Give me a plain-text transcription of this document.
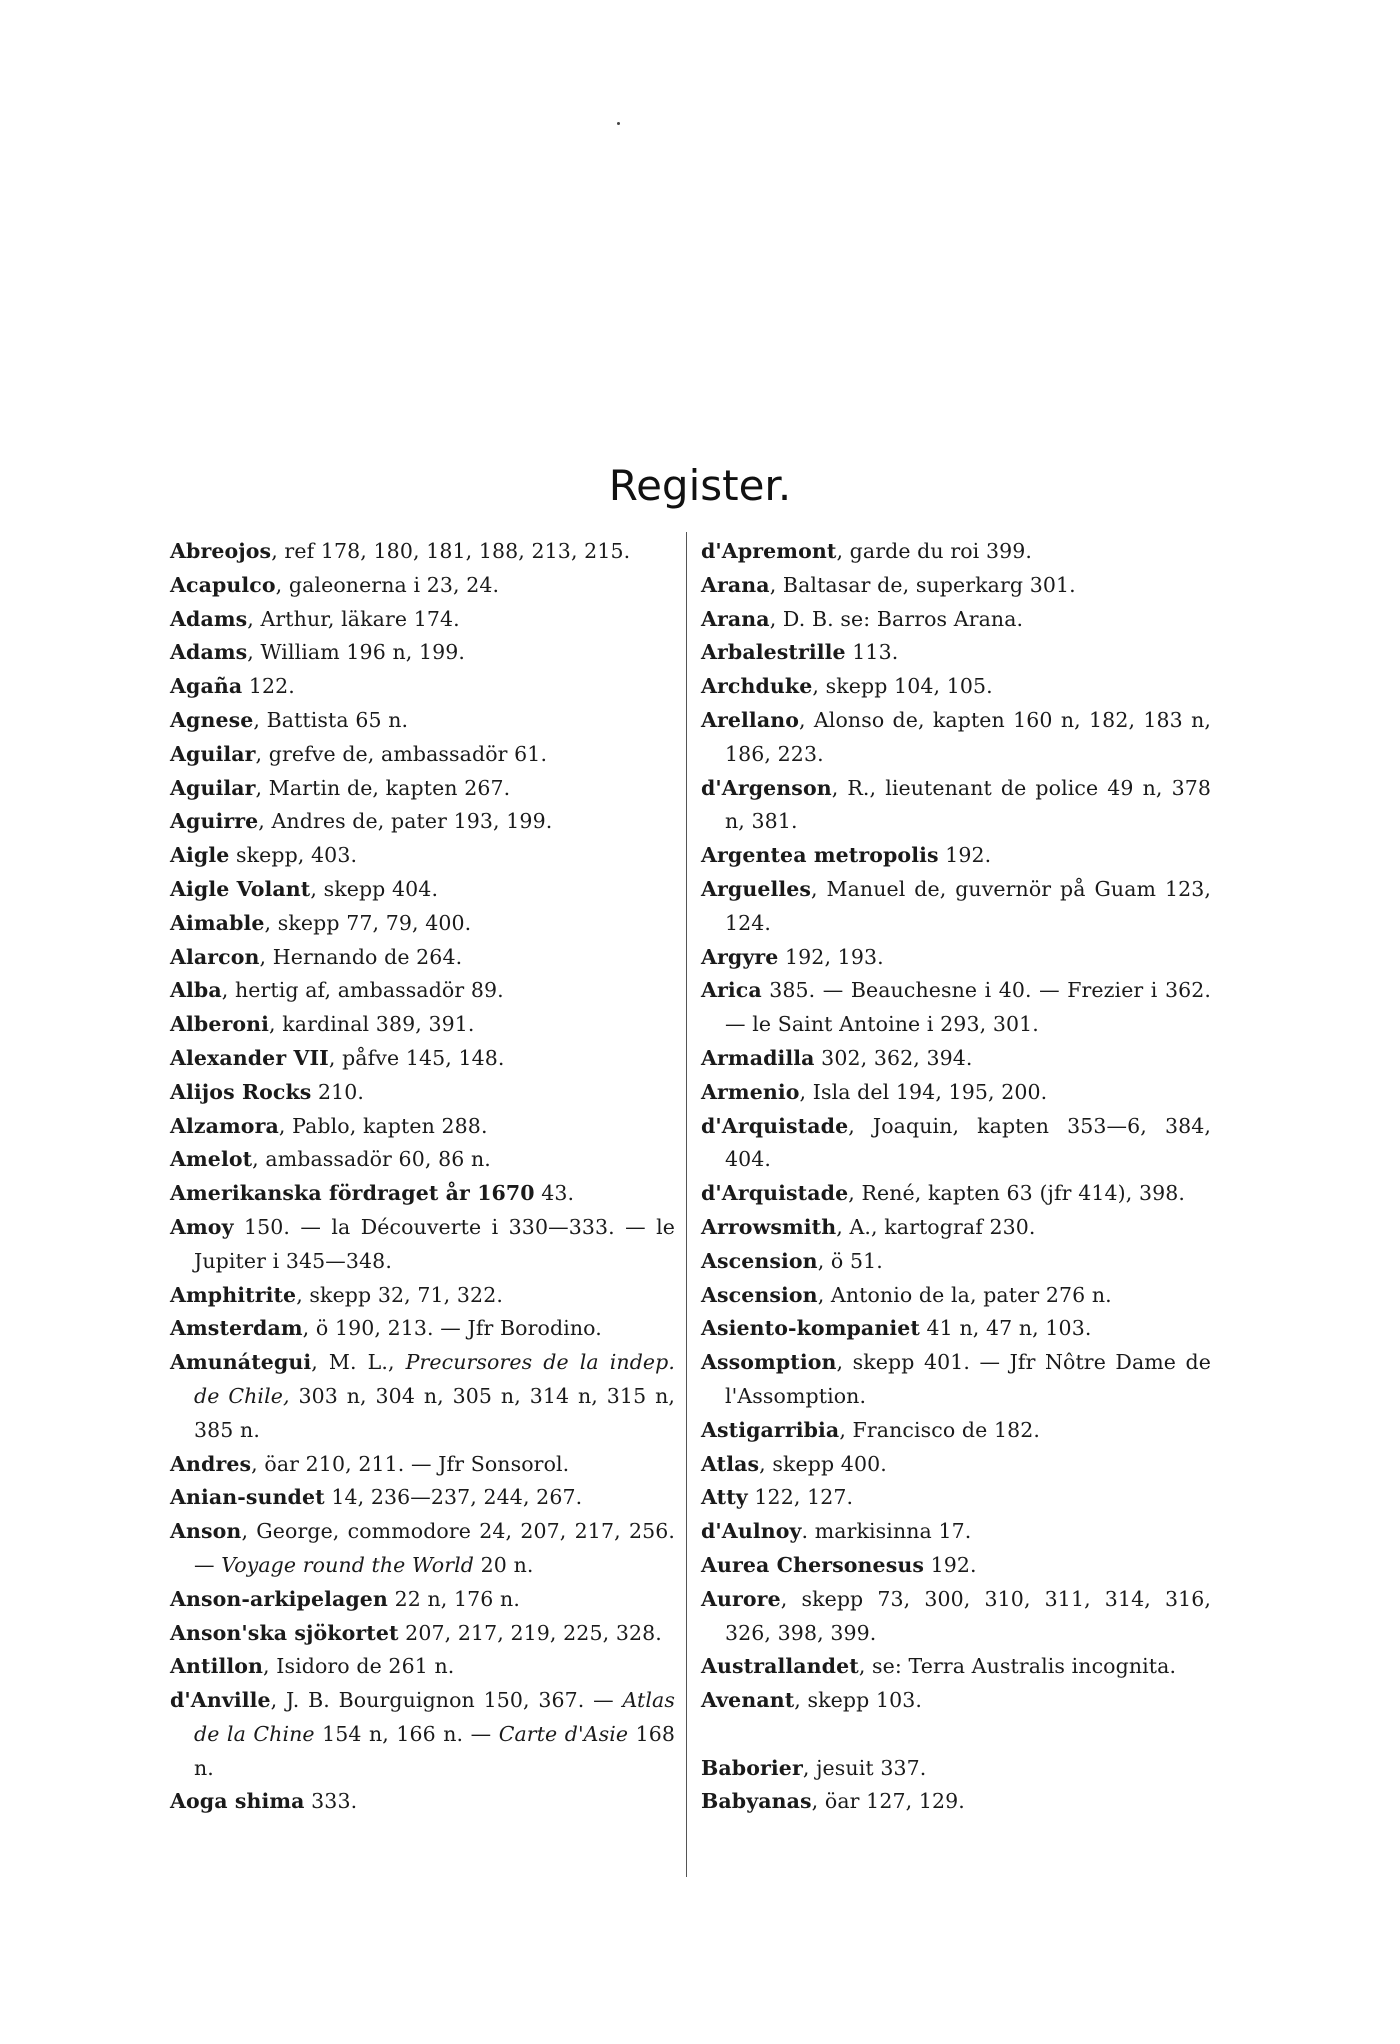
Register.
Abreojos, ref 178, 180, 181, 188, 213, 215.
Acapulco, galeonerna i 23, 24.
Adams, Arthur, läkare 174.
Adams, William 196 n, 199.
Agaña 122.
Agnese, Battista 65 n.
Aguilar, grefve de, ambassadör 61.
Aguilar, Martin de, kapten 267.
Aguirre, Andres de, pater 193, 199.
Aigle skepp, 403.
Aigle Volant, skepp 404.
Aimable, skepp 77, 79, 400.
Alarcon, Hernando de 264.
Alba, hertig af, ambassadör 89.
Alberoni, kardinal 389, 391.
Alexander VII, påfve 145, 148.
Alijos Rocks 210.
Alzamora, Pablo, kapten 288.
Amelot, ambassadör 60, 86 n.
Amerikanska fördraget år 1670 43.
Amoy 150. — la Découverte i 330—333. — le Jupiter i 345—348.
Amphitrite, skepp 32, 71, 322.
Amsterdam, ö 190, 213. — Jfr Borodino.
Amunátegui, M. L., Precursores de la indep. de Chile, 303 n, 304 n, 305 n, 314 n, 315 n, 385 n.
Andres, öar 210, 211. — Jfr Sonsorol.
Anian-sundet 14, 236—237, 244, 267.
Anson, George, commodore 24, 207, 217, 256. — Voyage round the World 20 n.
Anson-arkipelagen 22 n, 176 n.
Anson'ska sjökortet 207, 217, 219, 225, 328.
Antillon, Isidoro de 261 n.
d'Anville, J. B. Bourguignon 150, 367. — Atlas de la Chine 154 n, 166 n. — Carte d'Asie 168 n.
Aoga shima 333.
d'Apremont, garde du roi 399.
Arana, Baltasar de, superkarg 301.
Arana, D. B. se: Barros Arana.
Arbalestrille 113.
Archduke, skepp 104, 105.
Arellano, Alonso de, kapten 160 n, 182, 183 n, 186, 223.
d'Argenson, R., lieutenant de police 49 n, 378 n, 381.
Argentea metropolis 192.
Arguelles, Manuel de, guvernör på Guam 123, 124.
Argyre 192, 193.
Arica 385. — Beauchesne i 40. — Frezier i 362. — le Saint Antoine i 293, 301.
Armadilla 302, 362, 394.
Armenio, Isla del 194, 195, 200.
d'Arquistade, Joaquin, kapten 353—6, 384, 404.
d'Arquistade, René, kapten 63 (jfr 414), 398.
Arrowsmith, A., kartograf 230.
Ascension, ö 51.
Ascension, Antonio de la, pater 276 n.
Asiento-kompaniet 41 n, 47 n, 103.
Assomption, skepp 401. — Jfr Nôtre Dame de l'Assomption.
Astigarribia, Francisco de 182.
Atlas, skepp 400.
Atty 122, 127.
d'Aulnoy. markisinna 17.
Aurea Chersonesus 192.
Aurore, skepp 73, 300, 310, 311, 314, 316, 326, 398, 399.
Australlandet, se: Terra Australis incognita.
Avenant, skepp 103.
Baborier, jesuit 337.
Babyanas, öar 127, 129.
